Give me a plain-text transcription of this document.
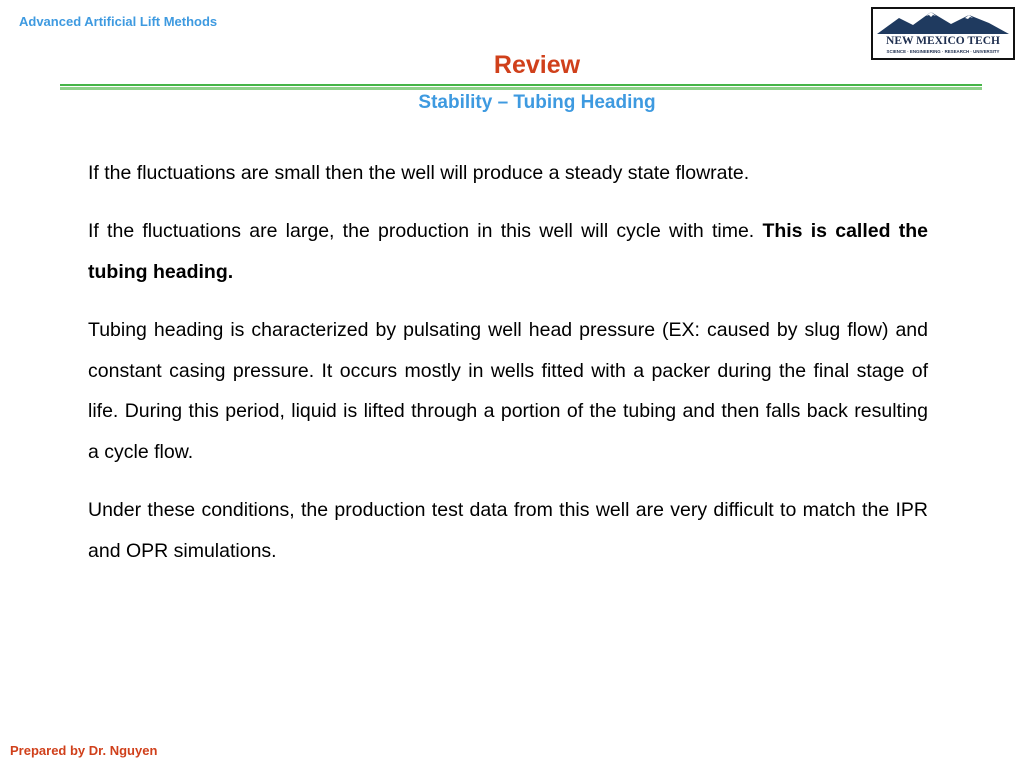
Advanced Artificial Lift Methods
NEW MEXICO TECH
SCIENCE · ENGINEERING · RESEARCH · UNIVERSITY
Review
Stability – Tubing Heading

If the fluctuations are small then the well will produce a steady state flowrate.

If the fluctuations are large, the production in this well will cycle with time. This is called the tubing heading.

Tubing heading is characterized by pulsating well head pressure (EX: caused by slug flow) and constant casing pressure. It occurs mostly in wells fitted with a packer during the final stage of life. During this period, liquid is lifted through a portion of the tubing and then falls back resulting a cycle flow.

Under these conditions, the production test data from this well are very difficult to match the IPR and OPR simulations.

Prepared by Dr. Nguyen
